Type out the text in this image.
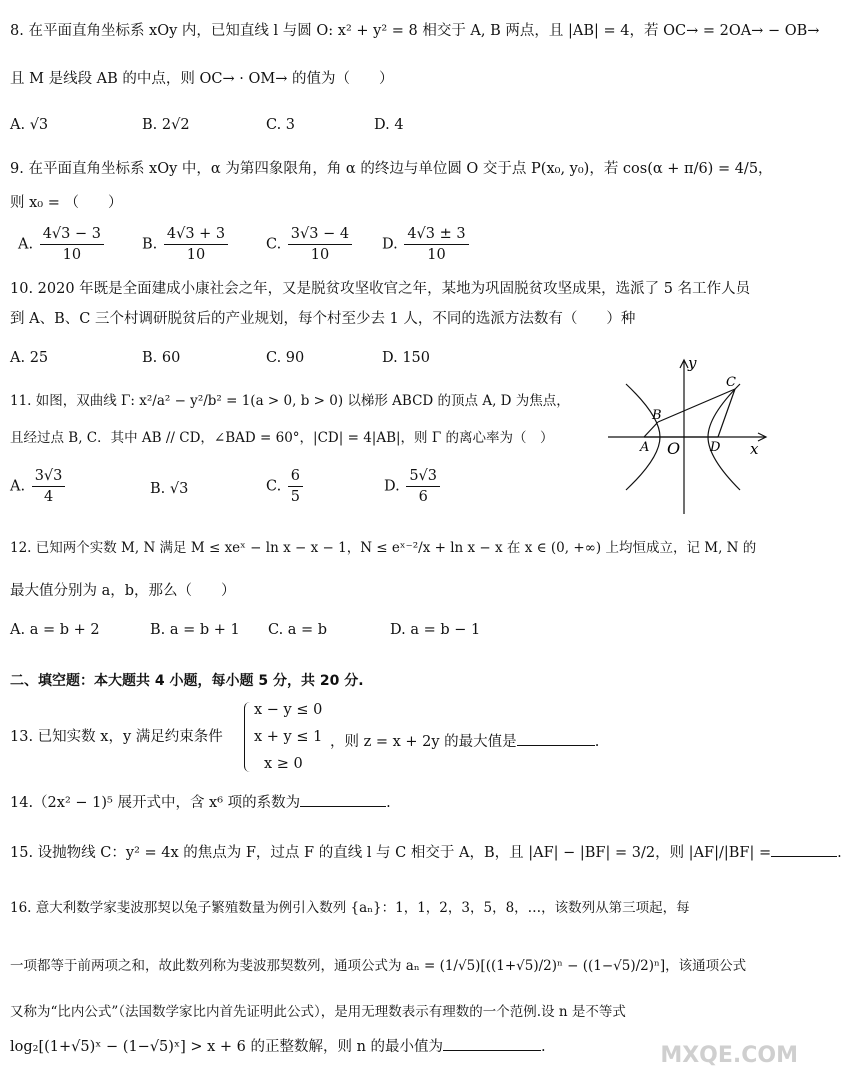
8. 在平面直角坐标系 xOy 内，已知直线 l 与圆 O: x² + y² = 8 相交于 A, B 两点，且 |AB| = 4，若 OC→ = 2OA→ − OB→
且 M 是线段 AB 的中点，则 OC→ · OM→ 的值为（　　）
A. √3	B. 2√2	C. 3	D. 4
9. 在平面直角坐标系 xOy 中，α 为第四象限角，角 α 的终边与单位圆 O 交于点 P(x₀, y₀)，若 cos(α + π/6) = 4/5，
则 x₀ = （　　）
A. $\frac{4√3 - 3}{10}$	B. $\frac{4√3 + 3}{10}$	C. $\frac{3√3 - 4}{10} D$. $\frac{4√3 \pm 3}{10}$
10. 2020 年既是全面建成小康社会之年，又是脱贫攻坚收官之年，某地为巩固脱贫攻坚成果，选派了 5 名工作人员
到 A、B、C 三个村调研脱贫后的产业规划，每个村至少去 1 人，不同的选派方法数有（　　）种
A. 25	B. 60	C. 90	D. 150
11. 如图，双曲线 Γ: x²/a² − y²/b² = 1(a > 0, b > 0) 以梯形 ABCD 的顶点 A, D 为焦点，
且经过点 B, C．其中 AB // CD，∠BAD = 60°，|CD| = 4|AB|，则 Γ 的离心率为（　）
A. $\frac{3√3}{4}$	B. √3	C. $\frac{6}{5}$	D. $\frac{5√3}{6}$
y
x
O
A
B
C
D
12. 已知两个实数 M, N 满足 M ≤ xeˣ − ln x − x − 1，N ≤ eˣ⁻²/x + ln x − x 在 x ∈ (0, +∞) 上均恒成立，记 M, N 的
最大值分别为 a，b，那么（　　）
A. a = b + 2	B. a = b + 1 C. a = b	D. a = b − 1
二、填空题：本大题共 4 小题，每小题 5 分，共 20 分.
13. 已知实数 x，y 满足约束条件
x − y ≤ 0
x + y ≤ 1
x ≥ 0
，则 z = x + 2y 的最大值是	.
14.（2x² − 1)⁵ 展开式中，含 x⁶ 项的系数为	.
15. 设抛物线 C：y² = 4x 的焦点为 F，过点 F 的直线 l 与 C 相交于 A，B，且 |AF| − |BF| = 3/2，则 |AF|/|BF| =	.
16. 意大利数学家斐波那契以兔子繁殖数量为例引入数列 {aₙ}：1，1，2，3，5，8，…，该数列从第三项起，每
一项都等于前两项之和，故此数列称为斐波那契数列，通项公式为 aₙ = (1/√5)[((1+√5)/2)ⁿ − ((1−√5)/2)ⁿ]，该通项公式
又称为“比内公式”（法国数学家比内首先证明此公式），是用无理数表示有理数的一个范例.设 n 是不等式
log₂[(1+√5)ˣ − (1−√5)ˣ] > x + 6 的正整数解，则 n 的最小值为	.	MXQE.COM
